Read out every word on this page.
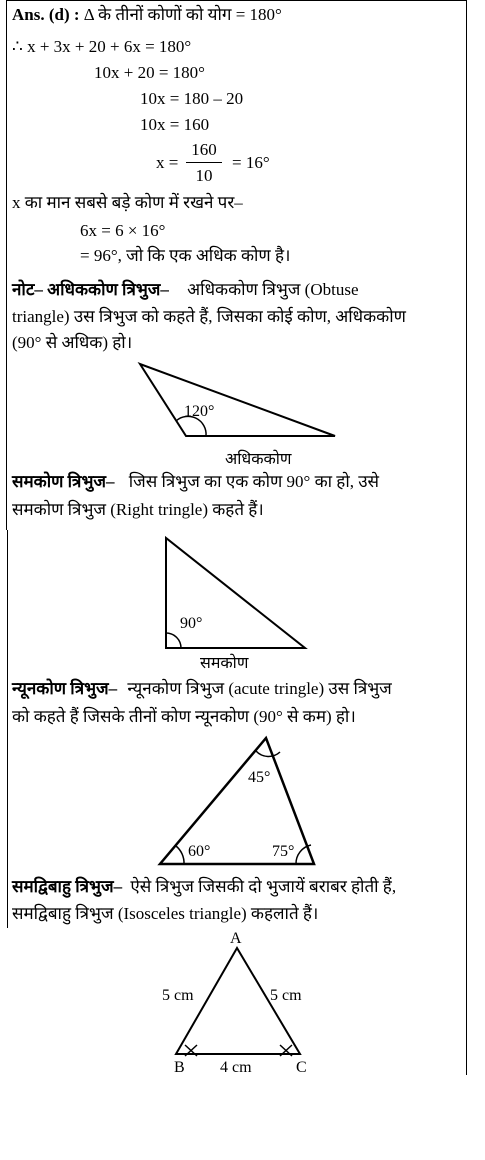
Ans. (d) : Δ के तीनों कोणों को योग = 180°
∴ x + 3x + 20 + 6x = 180°
10x + 20 = 180°
10x = 180 – 20
10x = 160
x =
160
10
= 16°
x का मान सबसे बड़े कोण में रखने पर–
6x = 6 × 16°
= 96°, जो कि एक अधिक कोण है।
नोट– अधिककोण त्रिभुज– अधिककोण त्रिभुज (Obtuse
triangle) उस त्रिभुज को कहते हैं, जिसका कोई कोण, अधिककोण
(90° से अधिक) हो।
120°
अधिककोण
समकोण त्रिभुज– जिस त्रिभुज का एक कोण 90° का हो, उसे
समकोण त्रिभुज (Right tringle) कहते हैं।
90°
समकोण
न्यूनकोण त्रिभुज– न्यूनकोण त्रिभुज (acute tringle) उस त्रिभुज
को कहते हैं जिसके तीनों कोण न्यूनकोण (90° से कम) हो।
45°
60°	75°
समद्विबाहु त्रिभुज– ऐसे त्रिभुज जिसकी दो भुजायें बराबर होती हैं,
समद्विबाहु त्रिभुज (Isosceles triangle) कहलाते हैं।
A
B	C
5 cm	5 cm
4 cm
